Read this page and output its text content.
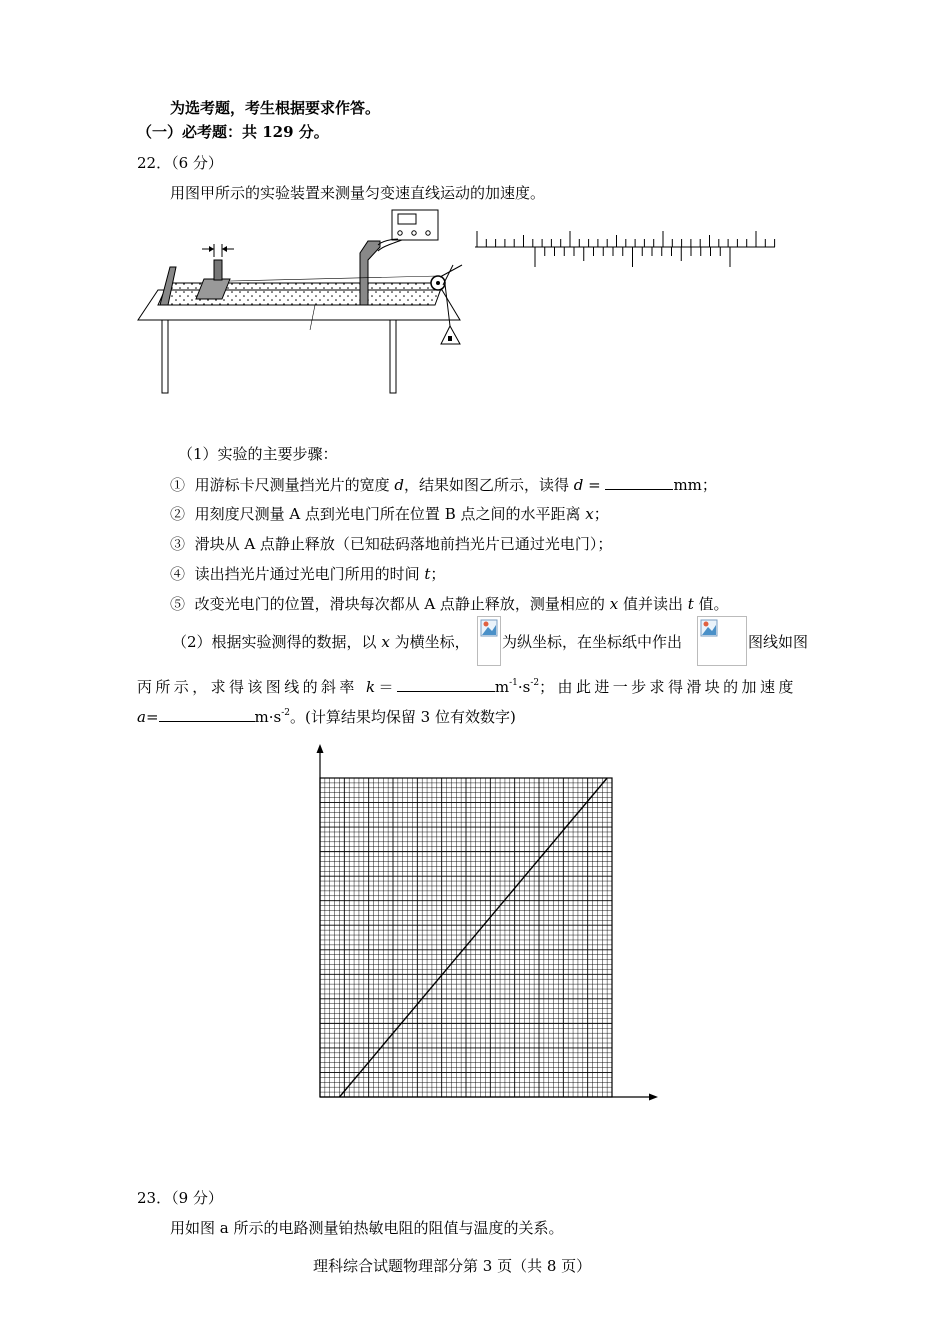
为选考题，考生根据要求作答。
（一）必考题：共 129 分。
22．（6 分）
用图甲所示的实验装置来测量匀变速直线运动的加速度。
（1）实验的主要步骤：
① 用游标卡尺测量挡光片的宽度 d，结果如图乙所示，读得 d =	mm；
② 用刻度尺测量 A 点到光电门所在位置 B 点之间的水平距离 x；
③ 滑块从 A 点静止释放（已知砝码落地前挡光片已通过光电门）；
④ 读出挡光片通过光电门所用的时间 t；
⑤ 改变光电门的位置，滑块每次都从 A 点静止释放，测量相应的 x 值并读出 t 值。
（2）根据实验测得的数据，以 x 为横坐标， 为纵坐标，在坐标纸中作出	图线如图
丙所示，求得该图线的斜率 k＝	$m^{-1}\cdot s^{-2}$；由此进一步求得滑块的加速度
a=	$m\cdot s^{-2}$。(计算结果均保留 3 位有效数字)
23．（9 分）
用如图 a 所示的电路测量铂热敏电阻的阻值与温度的关系。
理科综合试题物理部分第 3 页（共 8 页）
